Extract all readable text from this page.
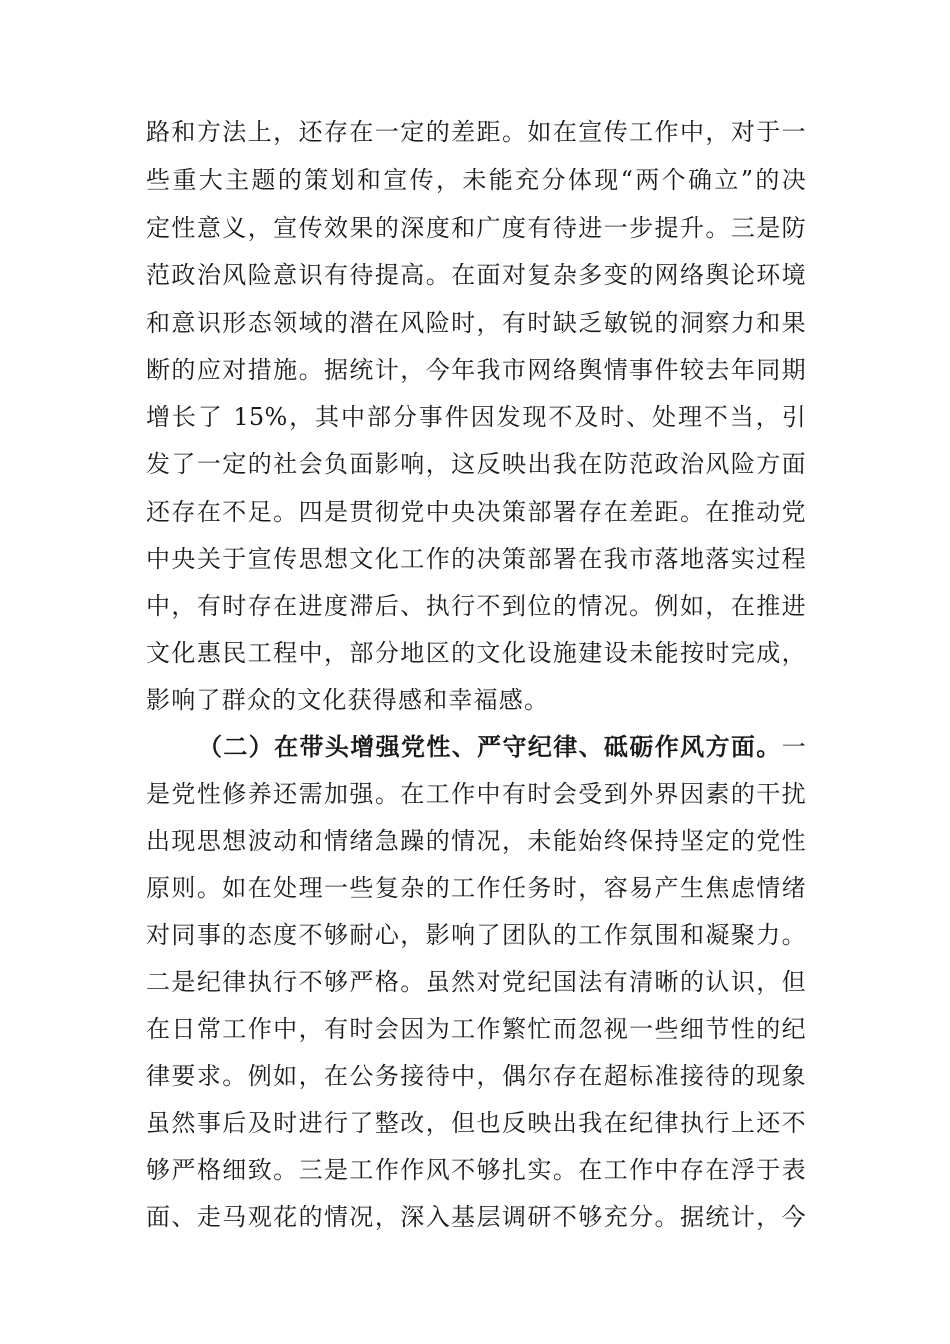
路和方法上，还存在一定的差距。如在宣传工作中，对于一
些重大主题的策划和宣传，未能充分体现“两个确立”的决
定性意义，宣传效果的深度和广度有待进一步提升。三是防
范政治风险意识有待提高。在面对复杂多变的网络舆论环境
和意识形态领域的潜在风险时，有时缺乏敏锐的洞察力和果
断的应对措施。据统计，今年我市网络舆情事件较去年同期
增长了 15%，其中部分事件因发现不及时、处理不当，引
发了一定的社会负面影响，这反映出我在防范政治风险方面
还存在不足。四是贯彻党中央决策部署存在差距。在推动党
中央关于宣传思想文化工作的决策部署在我市落地落实过程
中，有时存在进度滞后、执行不到位的情况。例如，在推进
文化惠民工程中，部分地区的文化设施建设未能按时完成，
影响了群众的文化获得感和幸福感。
（二）在带头增强党性、严守纪律、砥砺作风方面。一
是党性修养还需加强。在工作中有时会受到外界因素的干扰
出现思想波动和情绪急躁的情况，未能始终保持坚定的党性
原则。如在处理一些复杂的工作任务时，容易产生焦虑情绪
对同事的态度不够耐心，影响了团队的工作氛围和凝聚力。
二是纪律执行不够严格。虽然对党纪国法有清晰的认识，但
在日常工作中，有时会因为工作繁忙而忽视一些细节性的纪
律要求。例如，在公务接待中，偶尔存在超标准接待的现象
虽然事后及时进行了整改，但也反映出我在纪律执行上还不
够严格细致。三是工作作风不够扎实。在工作中存在浮于表
面、走马观花的情况，深入基层调研不够充分。据统计，今
